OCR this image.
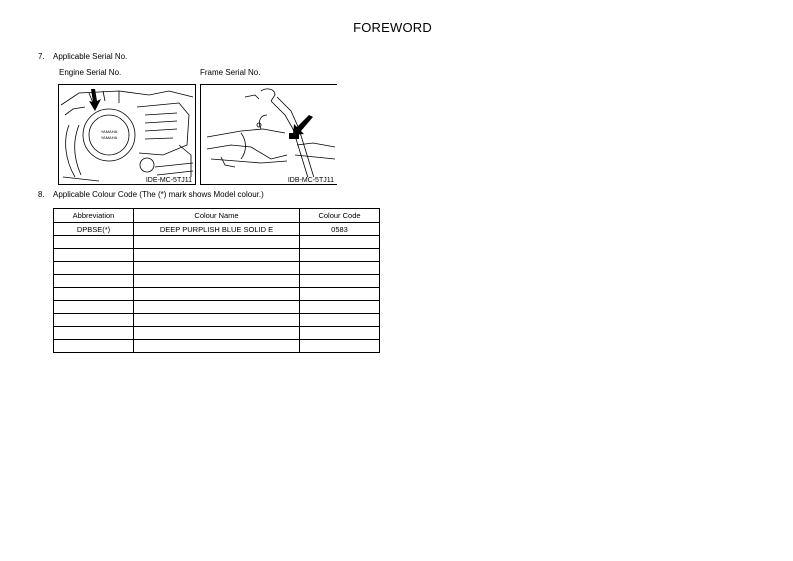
FOREWORD
7. Applicable Serial No.
Engine Serial No.	Frame Serial No.
YAMAHA
YAMAHA
IDE-MC-5TJ11	IDB-MC-5TJ11
8. Applicable Colour Code (The (*) mark shows Model colour.)
Abbreviation	Colour Name	Colour Code
DPBSE(*)	DEEP PURPLISH BLUE SOLID E	0583
